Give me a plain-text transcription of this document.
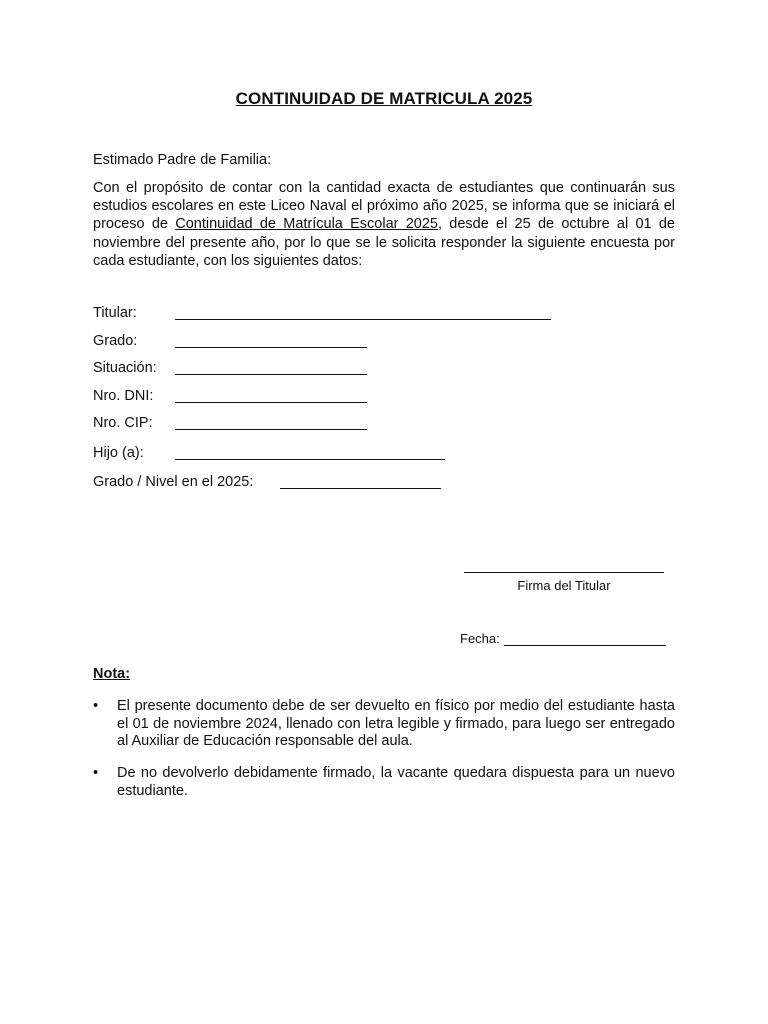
CONTINUIDAD DE MATRICULA 2025
Estimado Padre de Familia:
Con el propósito de contar con la cantidad exacta de estudiantes que continuarán sus estudios escolares en este Liceo Naval el próximo año 2025, se informa que se iniciará el proceso de Continuidad de Matrícula Escolar 2025, desde el 25 de octubre al 01 de noviembre del presente año, por lo que se le solicita responder la siguiente encuesta por cada estudiante, con los siguientes datos:
Titular:
Grado:
Situación:
Nro. DNI:
Nro. CIP:
Hijo (a):
Grado / Nivel en el 2025:
Firma del Titular
Fecha:
Nota:
• El presente documento debe de ser devuelto en físico por medio del estudiante hasta el 01 de noviembre 2024, llenado con letra legible y firmado, para luego ser entregado al Auxiliar de Educación responsable del aula.
• De no devolverlo debidamente firmado, la vacante quedara dispuesta para un nuevo estudiante.
